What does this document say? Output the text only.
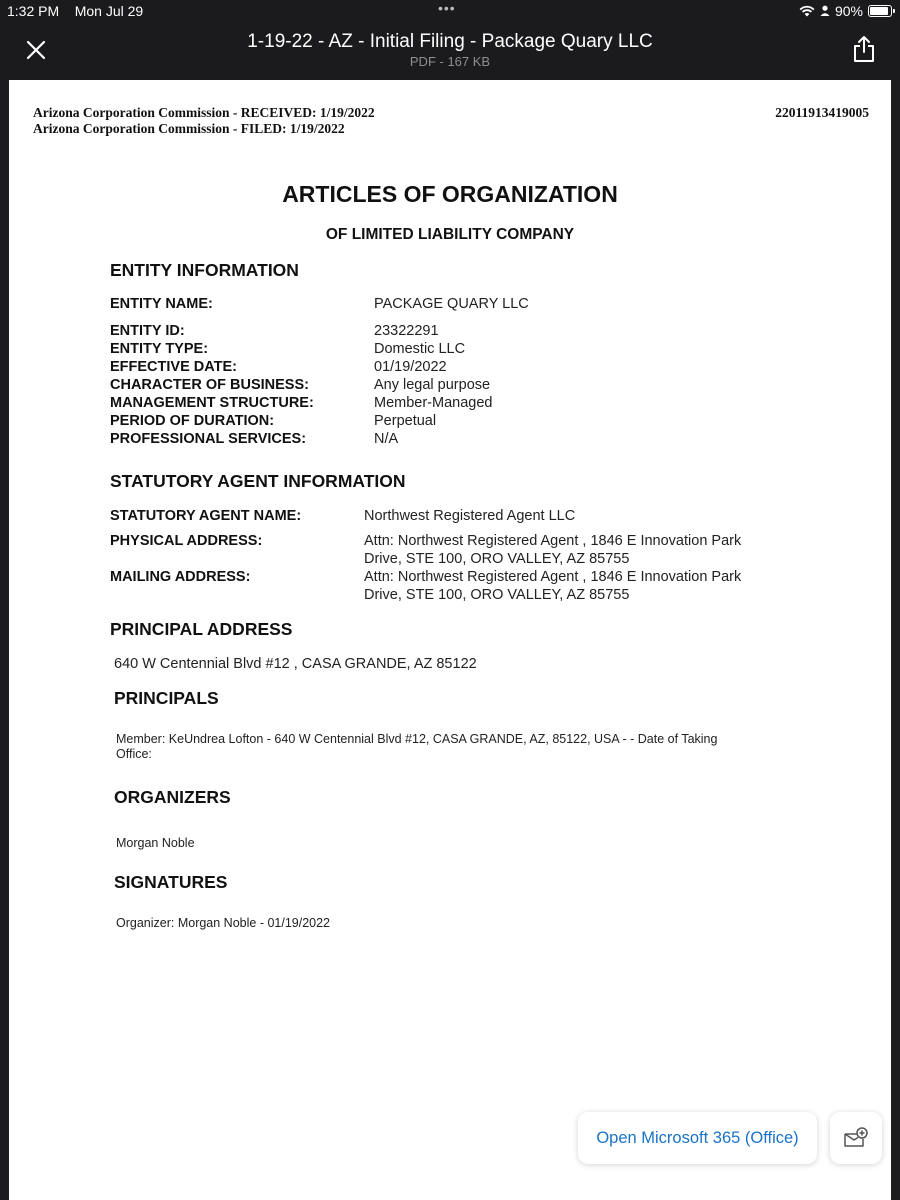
1:32 PM Mon Jul 29	•••	90%
1-19-22 - AZ - Initial Filing - Package Quary LLC
PDF - 167 KB
Arizona Corporation Commission - RECEIVED: 1/19/2022
Arizona Corporation Commission - FILED: 1/19/2022
22011913419005
ARTICLES OF ORGANIZATION
OF LIMITED LIABILITY COMPANY
ENTITY INFORMATION
ENTITY NAME:	PACKAGE QUARY LLC
ENTITY ID:	23322291
ENTITY TYPE:	Domestic LLC
EFFECTIVE DATE:	01/19/2022
CHARACTER OF BUSINESS:	Any legal purpose
MANAGEMENT STRUCTURE:	Member-Managed
PERIOD OF DURATION:	Perpetual
PROFESSIONAL SERVICES:	N/A
STATUTORY AGENT INFORMATION
STATUTORY AGENT NAME:	Northwest Registered Agent LLC
PHYSICAL ADDRESS:	Attn: Northwest Registered Agent , 1846 E Innovation Park
Drive, STE 100, ORO VALLEY, AZ 85755
MAILING ADDRESS:	Attn: Northwest Registered Agent , 1846 E Innovation Park
Drive, STE 100, ORO VALLEY, AZ 85755
PRINCIPAL ADDRESS
640 W Centennial Blvd #12 , CASA GRANDE, AZ 85122
PRINCIPALS
Member: KeUndrea Lofton - 640 W Centennial Blvd #12, CASA GRANDE, AZ, 85122, USA - - Date of Taking
Office:
ORGANIZERS
Morgan Noble
SIGNATURES
Organizer: Morgan Noble - 01/19/2022
Open Microsoft 365 (Office)
